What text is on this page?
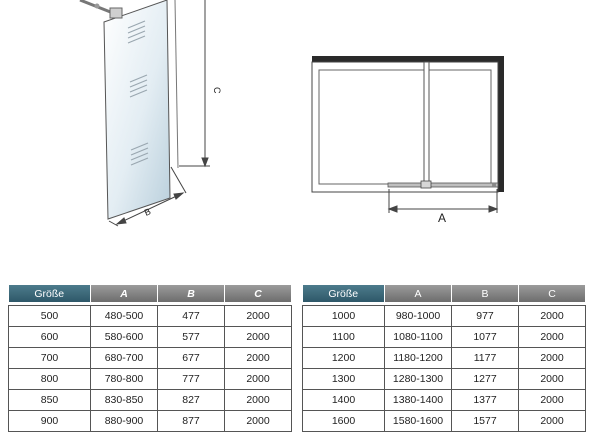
C
B	A
Größe	A	B	C

500	480-500	477	2000
600	580-600	577	2000
700	680-700	677	2000
800	780-800	777	2000
850	830-850	827	2000
900	880-900	877	2000
Größe	A	B	C

1000	980-1000	977	2000
1100	1080-1100	1077	2000
1200	1180-1200	1177	2000
1300	1280-1300	1277	2000
1400	1380-1400	1377	2000
1600	1580-1600	1577	2000
